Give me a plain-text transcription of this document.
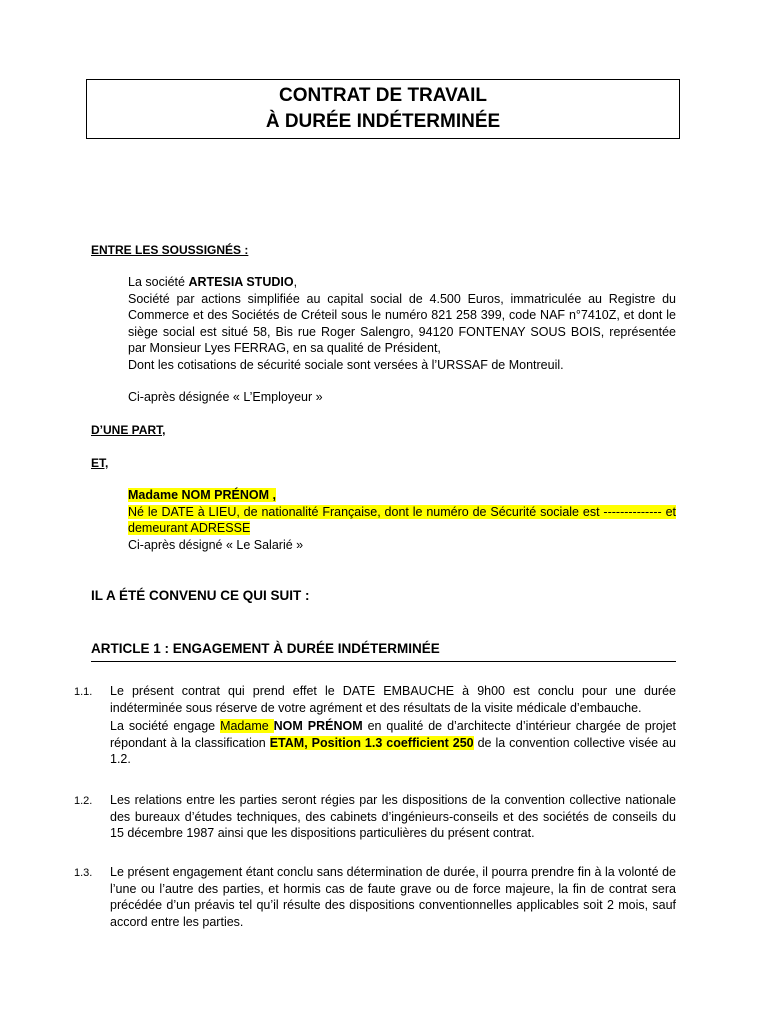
CONTRAT DE TRAVAIL
À DURÉE INDÉTERMINÉE
ENTRE LES SOUSSIGNÉS :
La société ARTESIA STUDIO,
Société par actions simplifiée au capital social de 4.500 Euros, immatriculée au Registre du Commerce et des Sociétés de Créteil sous le numéro 821 258 399, code NAF n°7410Z, et dont le siège social est situé 58, Bis rue Roger Salengro, 94120 FONTENAY SOUS BOIS, représentée par Monsieur Lyes FERRAG, en sa qualité de Président,
Dont les cotisations de sécurité sociale sont versées à l’URSSAF de Montreuil.
Ci-après désignée « L’Employeur »
D’UNE PART,
ET,
Madame NOM PRÉNOM ,
Né le DATE à LIEU, de nationalité Française, dont le numéro de Sécurité sociale est -------------- et demeurant ADRESSE
Ci-après désigné « Le Salarié »
IL A ÉTÉ CONVENU CE QUI SUIT :
ARTICLE 1 : ENGAGEMENT À DURÉE INDÉTERMINÉE
1.1. Le présent contrat qui prend effet le DATE EMBAUCHE à 9h00 est conclu pour une durée indéterminée sous réserve de votre agrément et des résultats de la visite médicale d’embauche.
La société engage Madame NOM PRÉNOM en qualité de d’architecte d’intérieur chargée de projet répondant à la classification ETAM, Position 1.3 coefficient 250 de la convention collective visée au 1.2.
1.2. Les relations entre les parties seront régies par les dispositions de la convention collective nationale des bureaux d’études techniques, des cabinets d’ingénieurs-conseils et des sociétés de conseils du 15 décembre 1987 ainsi que les dispositions particulières du présent contrat.
1.3. Le présent engagement étant conclu sans détermination de durée, il pourra prendre fin à la volonté de l’une ou l’autre des parties, et hormis cas de faute grave ou de force majeure, la fin de contrat sera précédée d’un préavis tel qu’il résulte des dispositions conventionnelles applicables soit 2 mois, sauf accord entre les parties.
